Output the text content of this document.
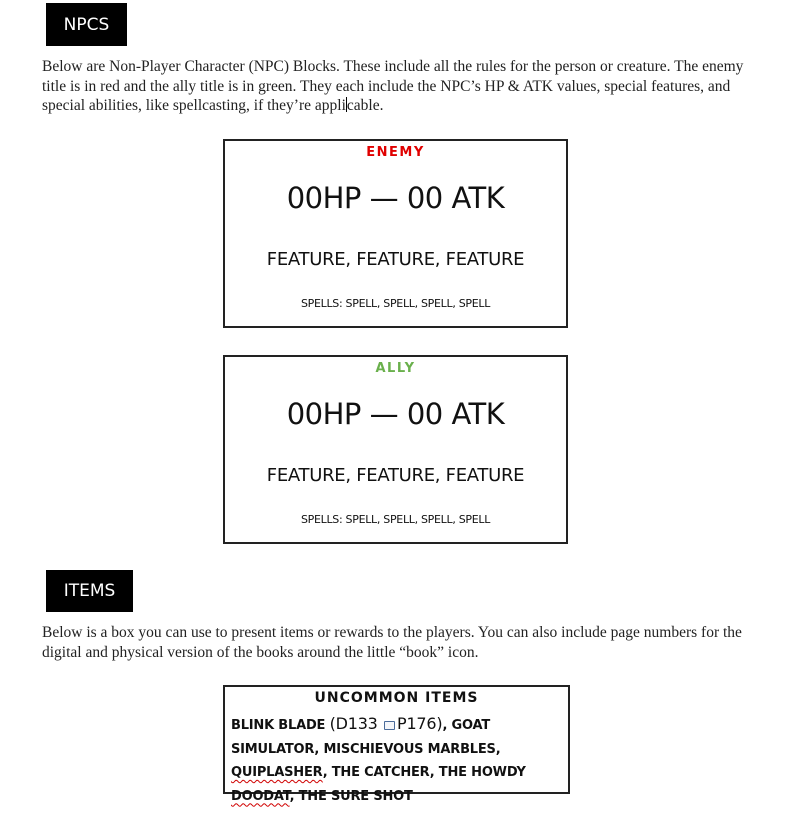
NPCS

Below are Non-Player Character (NPC) Blocks. These include all the rules for the person or creature. The enemy title is in red and the ally title is in green. They each include the NPC’s HP & ATK values, special features, and special abilities, like spellcasting, if they’re applicable.

ENEMY
00HP — 00 ATK
FEATURE, FEATURE, FEATURE
SPELLS: SPELL, SPELL, SPELL, SPELL
ALLY
00HP — 00 ATK
FEATURE, FEATURE, FEATURE
SPELLS: SPELL, SPELL, SPELL, SPELL
ITEMS

Below is a box you can use to present items or rewards to the players. You can also include page numbers for the digital and physical version of the books around the little “book” icon.

UNCOMMON ITEMS
BLINK BLADE (D133 P176), GOAT SIMULATOR, MISCHIEVOUS MARBLES, QUIPLASHER, THE CATCHER, THE HOWDY DOODAT, THE SURE SHOT
